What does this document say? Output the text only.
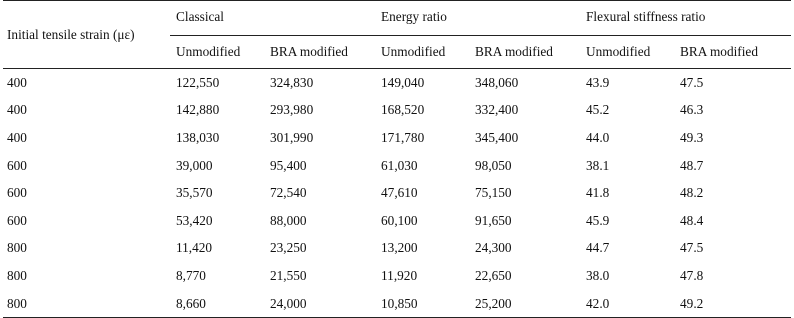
Initial tensile strain (με)	Classical		Energy ratio		Flexural stiffness ratio	
	Unmodified	BRA modified	Unmodified	BRA modified	Unmodified	BRA modified
400	122,550	324,830	149,040	348,060	43.9	47.5
400	142,880	293,980	168,520	332,400	45.2	46.3
400	138,030	301,990	171,780	345,400	44.0	49.3
600	39,000	95,400	61,030	98,050	38.1	48.7
600	35,570	72,540	47,610	75,150	41.8	48.2
600	53,420	88,000	60,100	91,650	45.9	48.4
800	11,420	23,250	13,200	24,300	44.7	47.5
800	8,770	21,550	11,920	22,650	38.0	47.8
800	8,660	24,000	10,850	25,200	42.0	49.2
